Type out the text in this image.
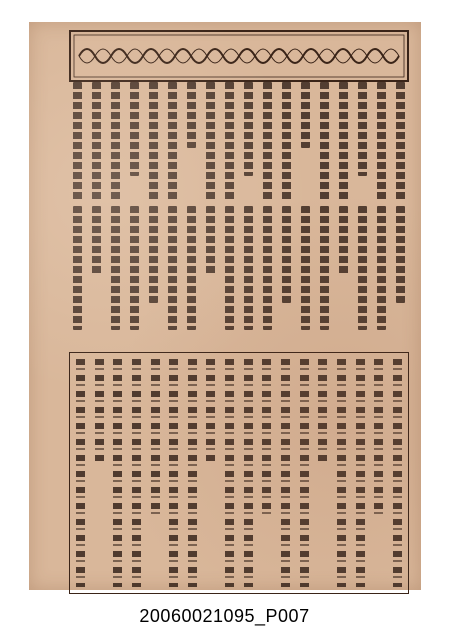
20060021095_P007
